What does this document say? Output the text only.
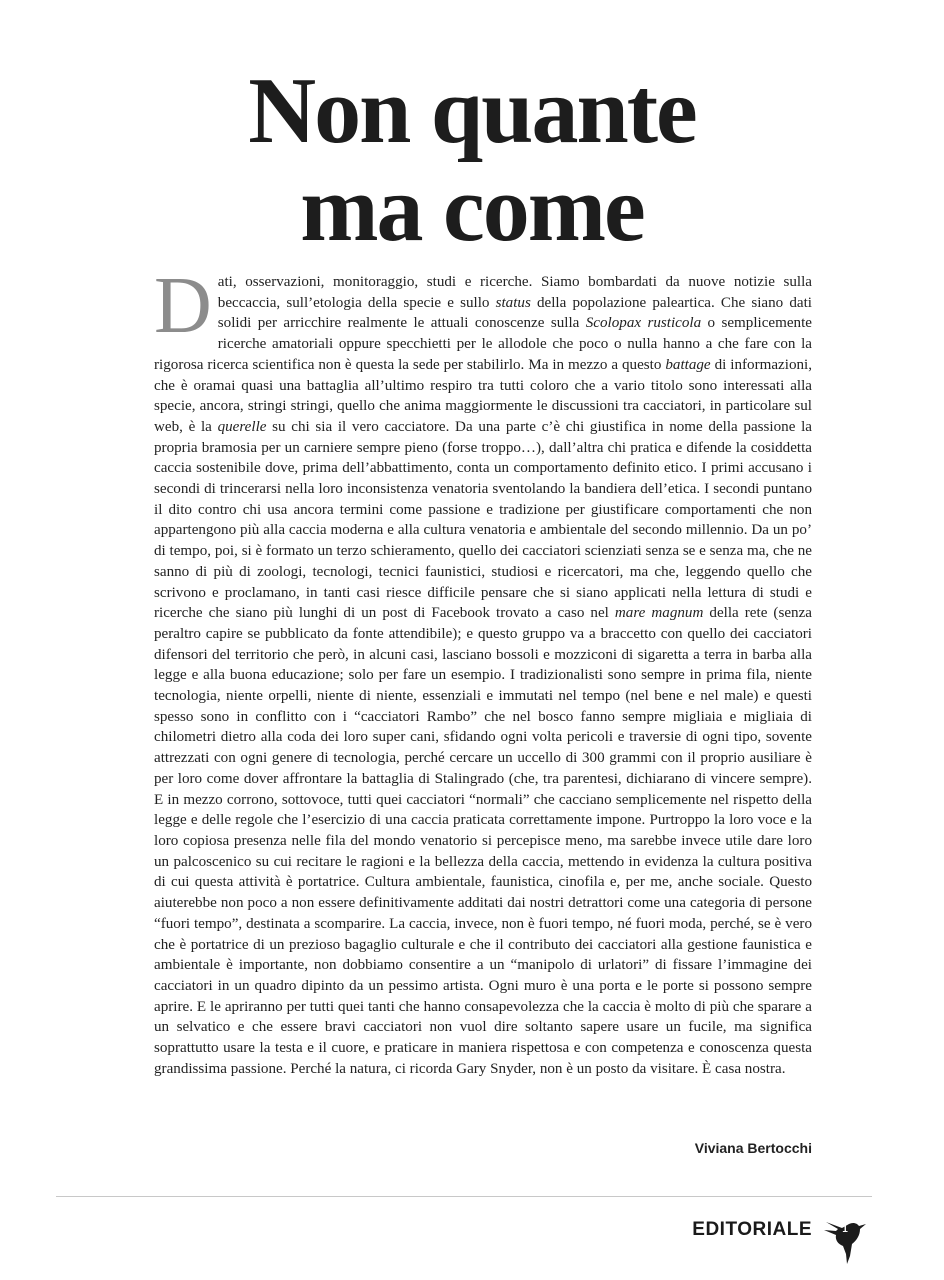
Non quante
ma come

Dati, osservazioni, monitoraggio, studi e ricerche. Siamo bombardati da nuove notizie sulla beccaccia, sull’etologia della specie e sullo status della popolazione paleartica. Che siano dati solidi per arricchire realmente le attuali conoscenze sulla Scolopax rusticola o semplicemente ricerche amatoriali oppure specchietti per le allodole che poco o nulla hanno a che fare con la rigorosa ricerca scientifica non è questa la sede per stabilirlo. Ma in mezzo a questo battage di informazioni, che è oramai quasi una battaglia all’ultimo respiro tra tutti coloro che a vario titolo sono interessati alla specie, ancora, stringi stringi, quello che anima maggiormente le discussioni tra cacciatori, in particolare sul web, è la querelle su chi sia il vero cacciatore. Da una parte c’è chi giustifica in nome della passione la propria bramosia per un carniere sempre pieno (forse troppo…), dall’altra chi pratica e difende la cosiddetta caccia sostenibile dove, prima dell’abbattimento, conta un comportamento definito etico. I primi accusano i secondi di trincerarsi nella loro inconsistenza venatoria sventolando la bandiera dell’etica. I secondi puntano il dito contro chi usa ancora termini come passione e tradizione per giustificare comportamenti che non appartengono più alla caccia moderna e alla cultura venatoria e ambientale del secondo millennio. Da un po’ di tempo, poi, si è formato un terzo schieramento, quello dei cacciatori scienziati senza se e senza ma, che ne sanno di più di zoologi, tecnologi, tecnici faunistici, studiosi e ricercatori, ma che, leggendo quello che scrivono e proclamano, in tanti casi riesce difficile pensare che si siano applicati nella lettura di studi e ricerche che siano più lunghi di un post di Facebook trovato a caso nel mare magnum della rete (senza peraltro capire se pubblicato da fonte attendibile); e questo gruppo va a braccetto con quello dei cacciatori difensori del territorio che però, in alcuni casi, lasciano bossoli e mozziconi di sigaretta a terra in barba alla legge e alla buona educazione; solo per fare un esempio. I tradizionalisti sono sempre in prima fila, niente tecnologia, niente orpelli, niente di niente, essenziali e immutati nel tempo (nel bene e nel male) e questi spesso sono in conflitto con i “cacciatori Rambo” che nel bosco fanno sempre migliaia e migliaia di chilometri dietro alla coda dei loro super cani, sfidando ogni volta pericoli e traversie di ogni tipo, sovente attrezzati con ogni genere di tecnologia, perché cercare un uccello di 300 grammi con il proprio ausiliare è per loro come dover affrontare la battaglia di Stalingrado (che, tra parentesi, dichiarano di vincere sempre). E in mezzo corrono, sottovoce, tutti quei cacciatori “normali” che cacciano semplicemente nel rispetto della legge e delle regole che l’esercizio di una caccia praticata correttamente impone. Purtroppo la loro voce e la loro copiosa presenza nelle fila del mondo venatorio si percepisce meno, ma sarebbe invece utile dare loro un palcoscenico su cui recitare le ragioni e la bellezza della caccia, mettendo in evidenza la cultura positiva di cui questa attività è portatrice. Cultura ambientale, faunistica, cinofila e, per me, anche sociale. Questo aiuterebbe non poco a non essere definitivamente additati dai nostri detrattori come una categoria di persone “fuori tempo”, destinata a scomparire. La caccia, invece, non è fuori tempo, né fuori moda, perché, se è vero che è portatrice di un prezioso bagaglio culturale e che il contributo dei cacciatori alla gestione faunistica e ambientale è importante, non dobbiamo consentire a un “manipolo di urlatori” di fissare l’immagine dei cacciatori in un quadro dipinto da un pessimo artista. Ogni muro è una porta e le porte si possono sempre aprire. E le apriranno per tutti quei tanti che hanno consapevolezza che la caccia è molto di più che sparare a un selvatico e che essere bravi cacciatori non vuol dire soltanto sapere usare un fucile, ma significa soprattutto usare la testa e il cuore, e praticare in maniera rispettosa e con competenza e conoscenza questa grandissima passione. Perché la natura, ci ricorda Gary Snyder, non è un posto da visitare. È casa nostra.

Viviana Bertocchi
EDITORIALE	1
